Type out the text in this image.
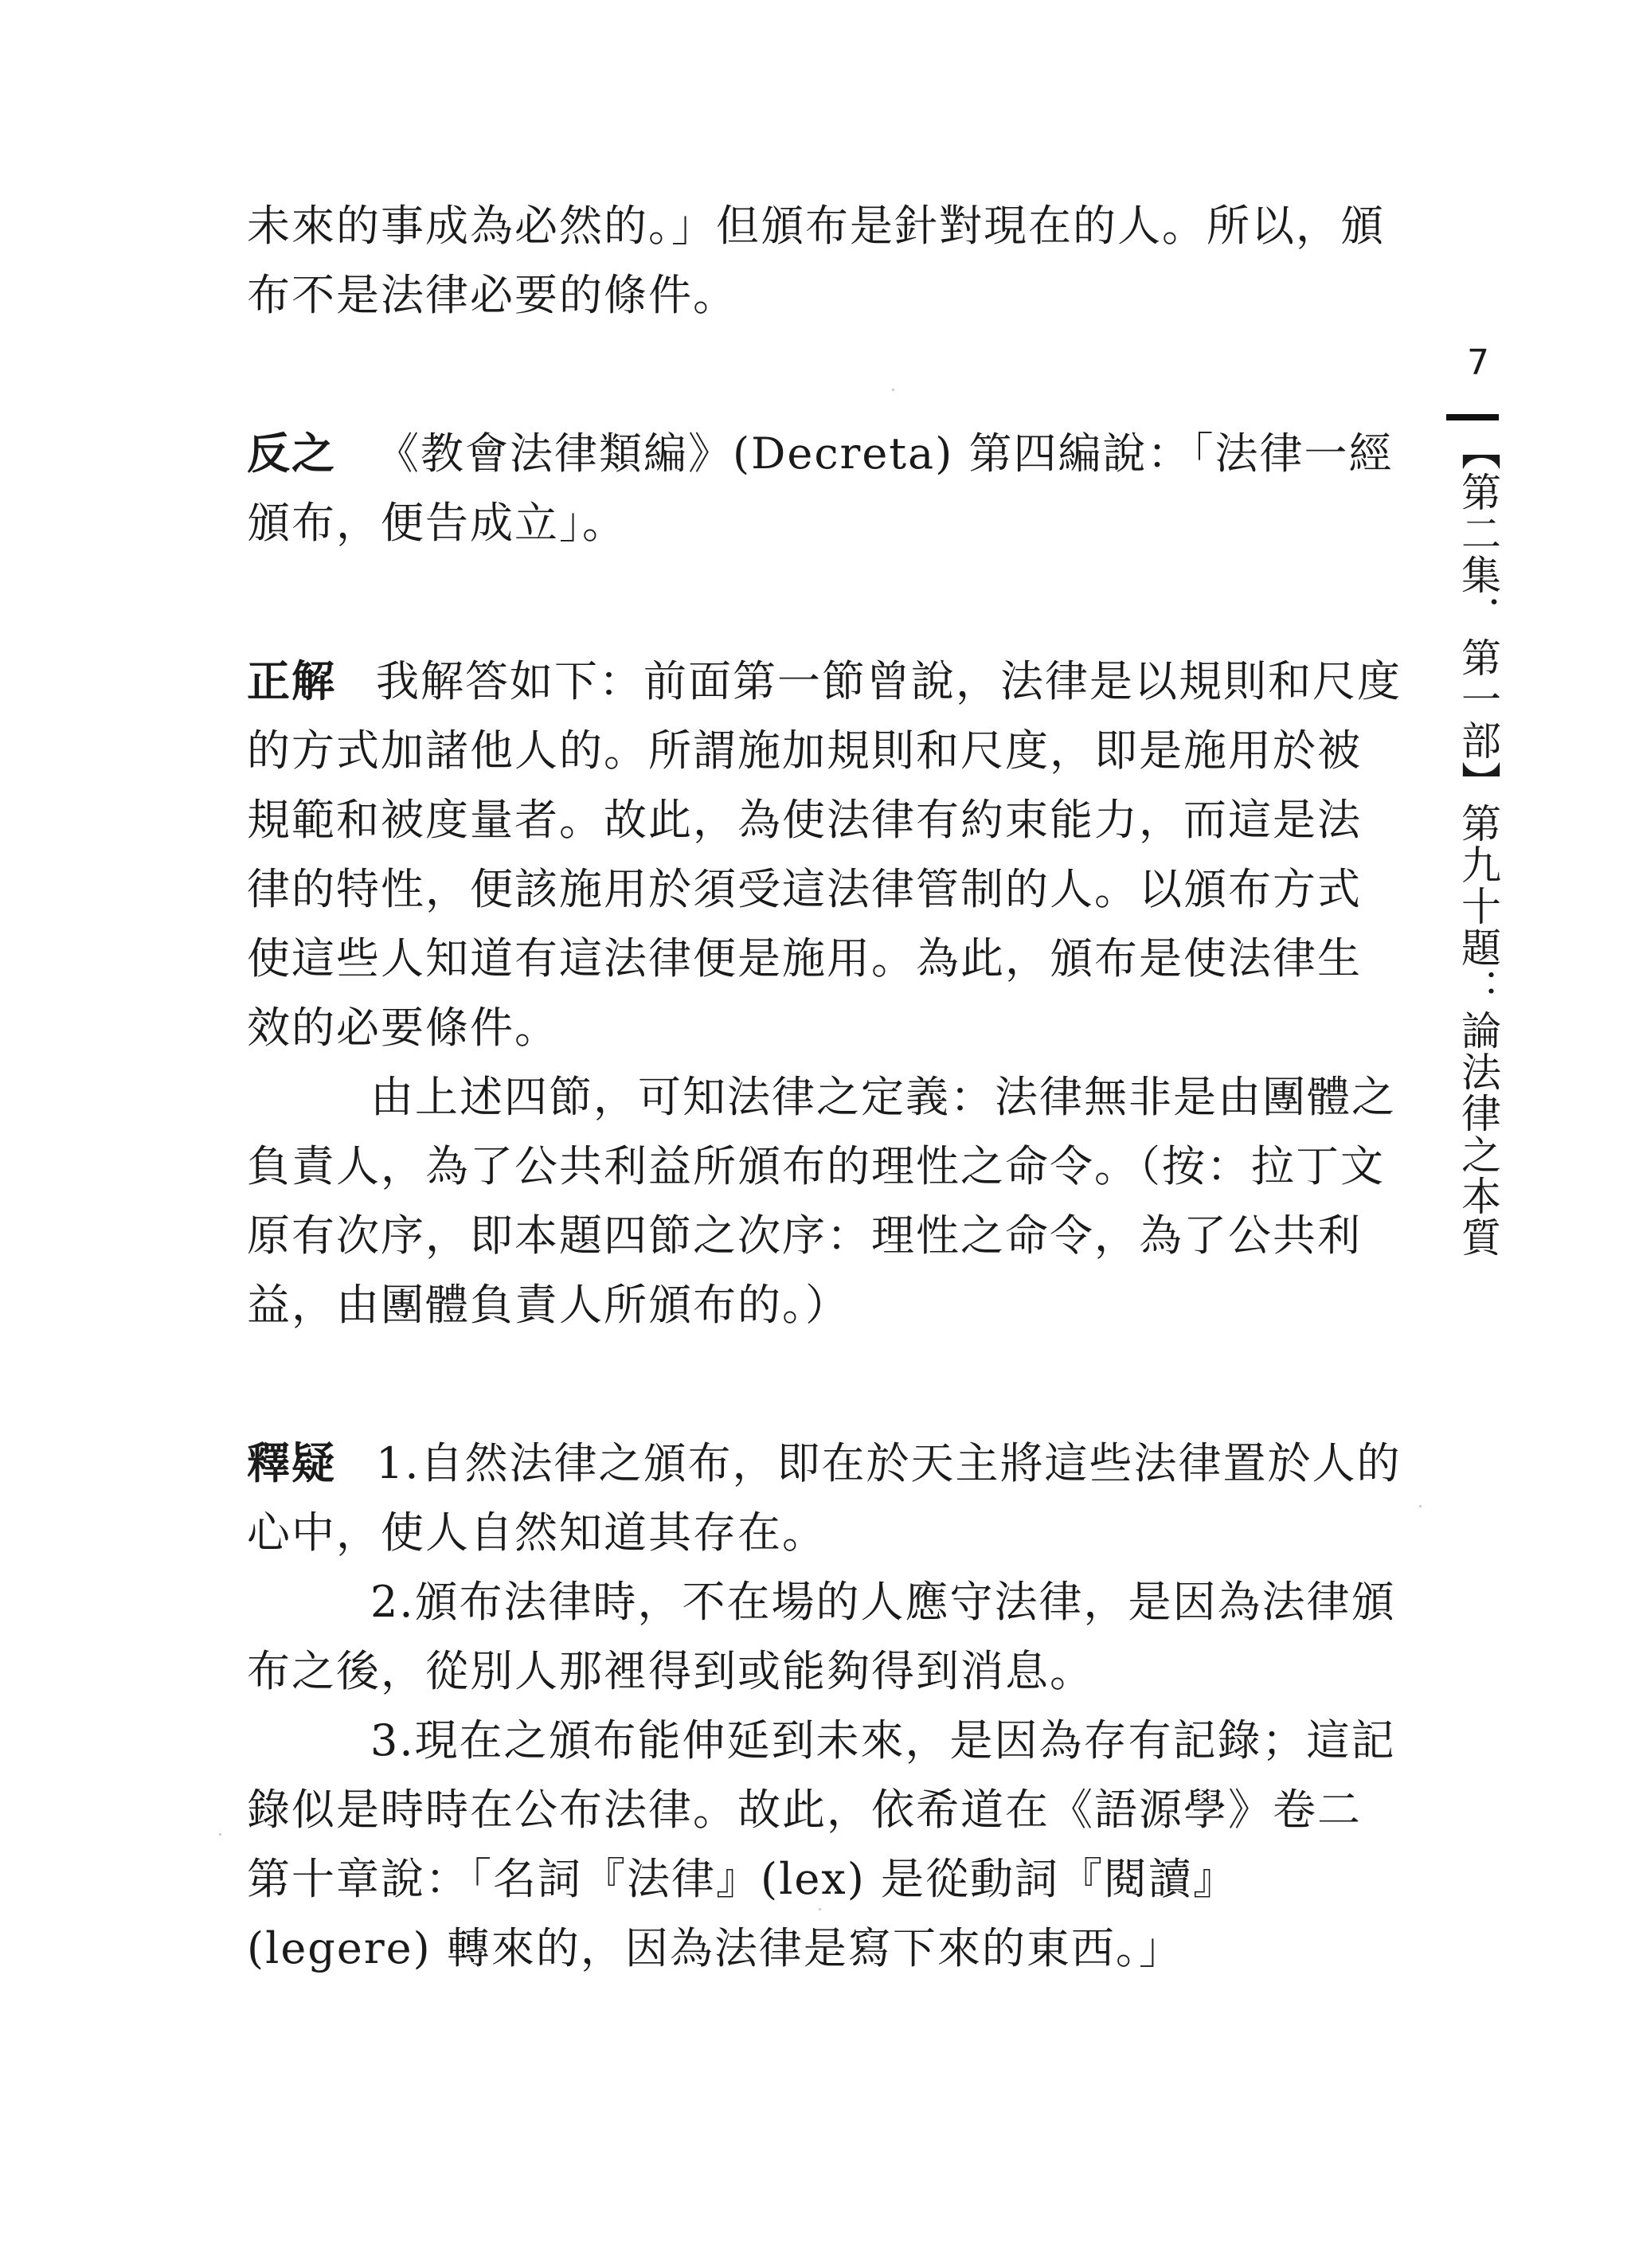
未來的事成為必然的。」但頒布是針對現在的人。所以，頒布不是法律必要的條件。

反之 《教會法律類編》(Decreta) 第四編說：「法律一經頒布，便告成立」。

正解 我解答如下：前面第一節曾說，法律是以規則和尺度的方式加諸他人的。所謂施加規則和尺度，即是施用於被規範和被度量者。故此，為使法律有約束能力，而這是法律的特性，便該施用於須受這法律管制的人。以頒布方式使這些人知道有這法律便是施用。為此，頒布是使法律生效的必要條件。

由上述四節，可知法律之定義：法律無非是由團體之負責人，為了公共利益所頒布的理性之命令。（按：拉丁文原有次序，即本題四節之次序：理性之命令，為了公共利益，由團體負責人所頒布的。）

釋疑 1.自然法律之頒布，即在於天主將這些法律置於人的心中，使人自然知道其存在。

2.頒布法律時，不在場的人應守法律，是因為法律頒布之後，從別人那裡得到或能夠得到消息。

3.現在之頒布能伸延到未來，是因為存有記錄；這記錄似是時時在公布法律。故此，依希道在《語源學》卷二第十章說：「名詞『法律』(lex) 是從動詞『閱讀』(legere) 轉來的，因為法律是寫下來的東西。」

7
【第二集．第一部】第九十題：論法律之本質
